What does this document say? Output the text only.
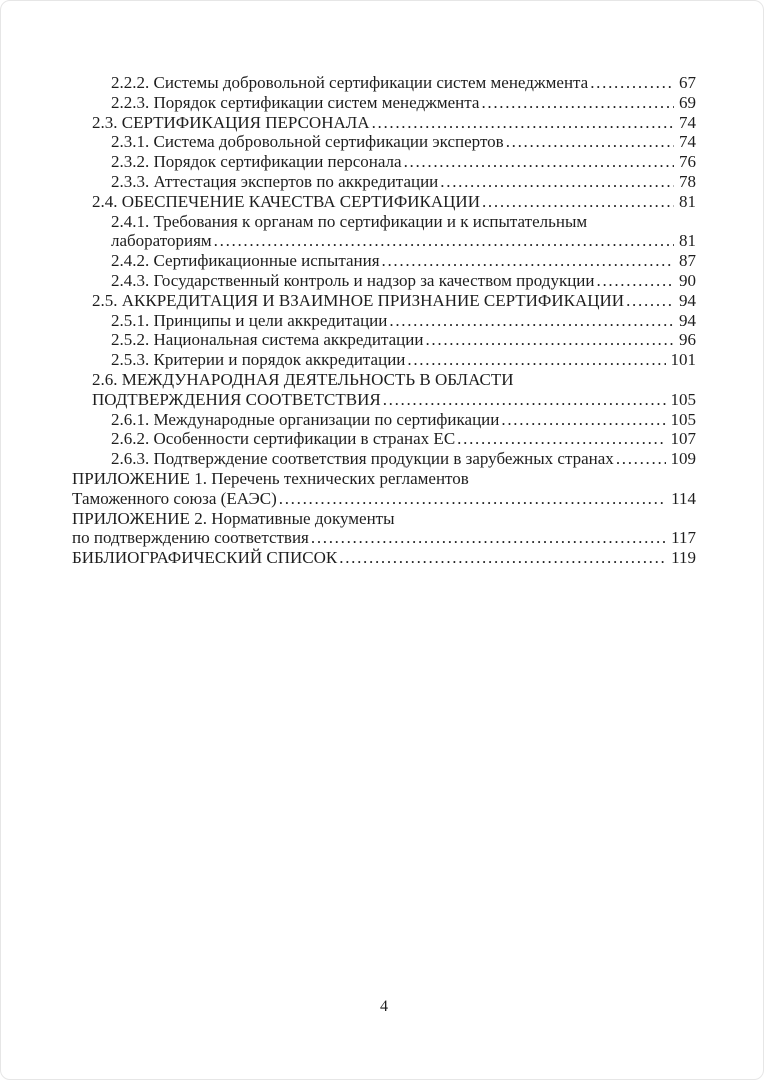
2.2.2. Системы добровольной сертификации систем менеджмента .....	67
2.2.3. Порядок сертификации систем менеджмента .....	69
2.3. СЕРТИФИКАЦИЯ ПЕРСОНАЛА .....	74
2.3.1. Система добровольной сертификации экспертов .....	74
2.3.2. Порядок сертификации персонала .....	76
2.3.3. Аттестация экспертов по аккредитации .....	78
2.4. ОБЕСПЕЧЕНИЕ КАЧЕСТВА СЕРТИФИКАЦИИ .....	81
2.4.1. Требования к органам по сертификации и к испытательным
лабораториям .....	81
2.4.2. Сертификационные испытания .....	87
2.4.3. Государственный контроль и надзор за качеством продукции .....	90
2.5. АККРЕДИТАЦИЯ И ВЗАИМНОЕ ПРИЗНАНИЕ СЕРТИФИКАЦИИ .....	94
2.5.1. Принципы и цели аккредитации .....	94
2.5.2. Национальная система аккредитации .....	96
2.5.3. Критерии и порядок аккредитации .....	101
2.6. МЕЖДУНАРОДНАЯ ДЕЯТЕЛЬНОСТЬ В ОБЛАСТИ
ПОДТВЕРЖДЕНИЯ СООТВЕТСТВИЯ .....	105
2.6.1. Международные организации по сертификации .....	105
2.6.2. Особенности сертификации в странах ЕС .....	107
2.6.3. Подтверждение соответствия продукции в зарубежных странах .....	109
ПРИЛОЖЕНИЕ 1. Перечень технических регламентов
Таможенного союза (ЕАЭС) .....	114
ПРИЛОЖЕНИЕ 2. Нормативные документы
по подтверждению соответствия .....	117
БИБЛИОГРАФИЧЕСКИЙ СПИСОК .....	119
4
